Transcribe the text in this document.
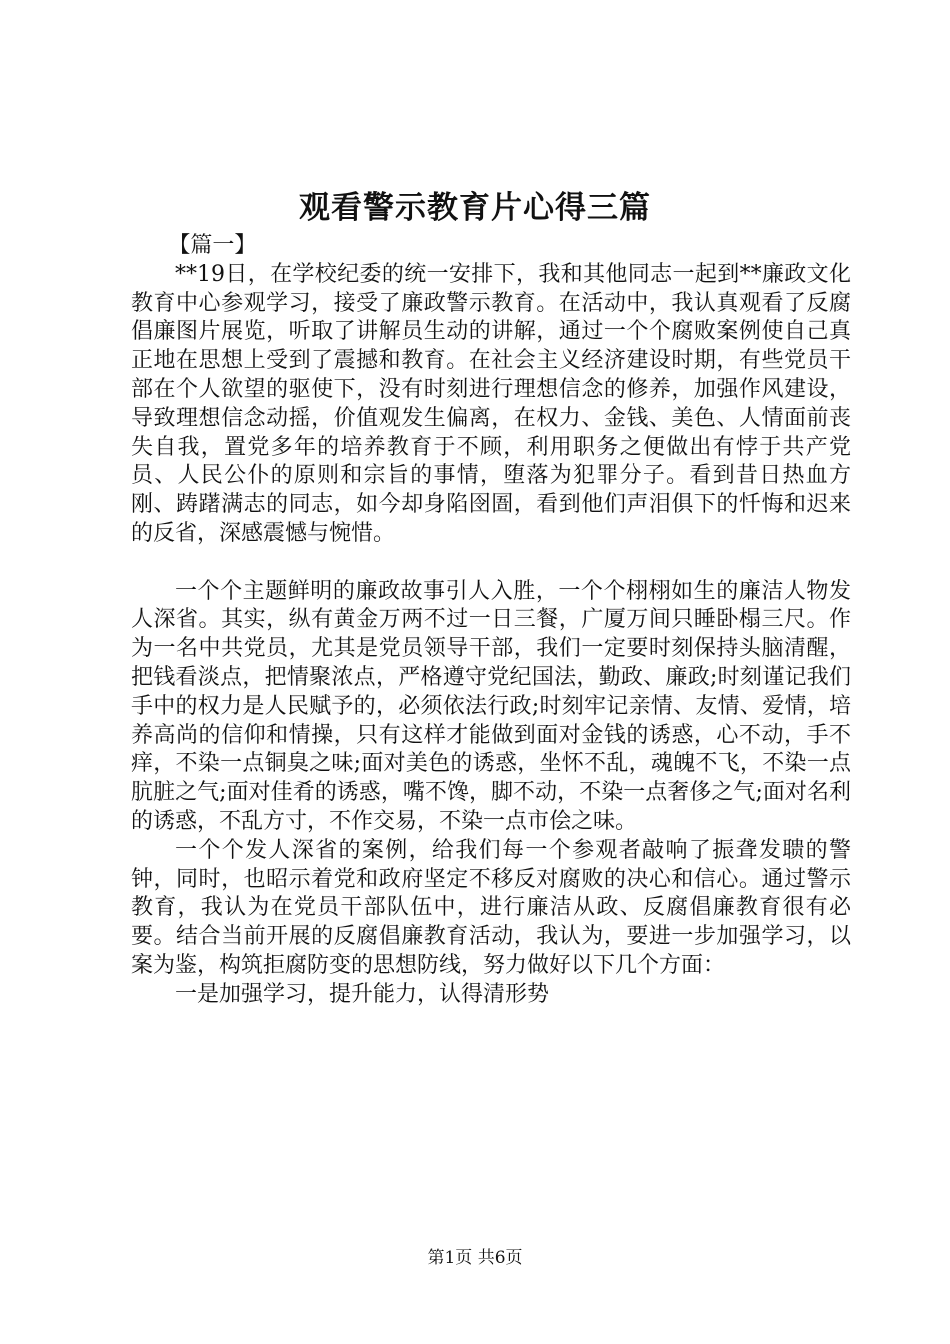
观看警示教育片心得三篇
【篇一】

**19日，在学校纪委的统一安排下，我和其他同志一起到**廉政文化教育中心参观学习，接受了廉政警示教育。在活动中，我认真观看了反腐倡廉图片展览，听取了讲解员生动的讲解，通过一个个腐败案例使自己真正地在思想上受到了震撼和教育。在社会主义经济建设时期，有些党员干部在个人欲望的驱使下，没有时刻进行理想信念的修养，加强作风建设，导致理想信念动摇，价值观发生偏离，在权力、金钱、美色、人情面前丧失自我，置党多年的培养教育于不顾，利用职务之便做出有悖于共产党员、人民公仆的原则和宗旨的事情，堕落为犯罪分子。看到昔日热血方刚、踌躇满志的同志，如今却身陷囹圄，看到他们声泪俱下的忏悔和迟来的反省，深感震憾与惋惜。

一个个主题鲜明的廉政故事引人入胜，一个个栩栩如生的廉洁人物发人深省。其实，纵有黄金万两不过一日三餐，广厦万间只睡卧榻三尺。作为一名中共党员，尤其是党员领导干部，我们一定要时刻保持头脑清醒，把钱看淡点，把情聚浓点，严格遵守党纪国法，勤政、廉政;时刻谨记我们手中的权力是人民赋予的，必须依法行政;时刻牢记亲情、友情、爱情，培养高尚的信仰和情操，只有这样才能做到面对金钱的诱惑，心不动，手不痒，不染一点铜臭之味;面对美色的诱惑，坐怀不乱，魂魄不飞，不染一点肮脏之气;面对佳肴的诱惑，嘴不馋，脚不动，不染一点奢侈之气;面对名利的诱惑，不乱方寸，不作交易，不染一点市侩之味。

一个个发人深省的案例，给我们每一个参观者敲响了振聋发聩的警钟，同时，也昭示着党和政府坚定不移反对腐败的决心和信心。通过警示教育，我认为在党员干部队伍中，进行廉洁从政、反腐倡廉教育很有必要。结合当前开展的反腐倡廉教育活动，我认为，要进一步加强学习，以案为鉴，构筑拒腐防变的思想防线，努力做好以下几个方面：

一是加强学习，提升能力，认得清形势

第1页 共6页
